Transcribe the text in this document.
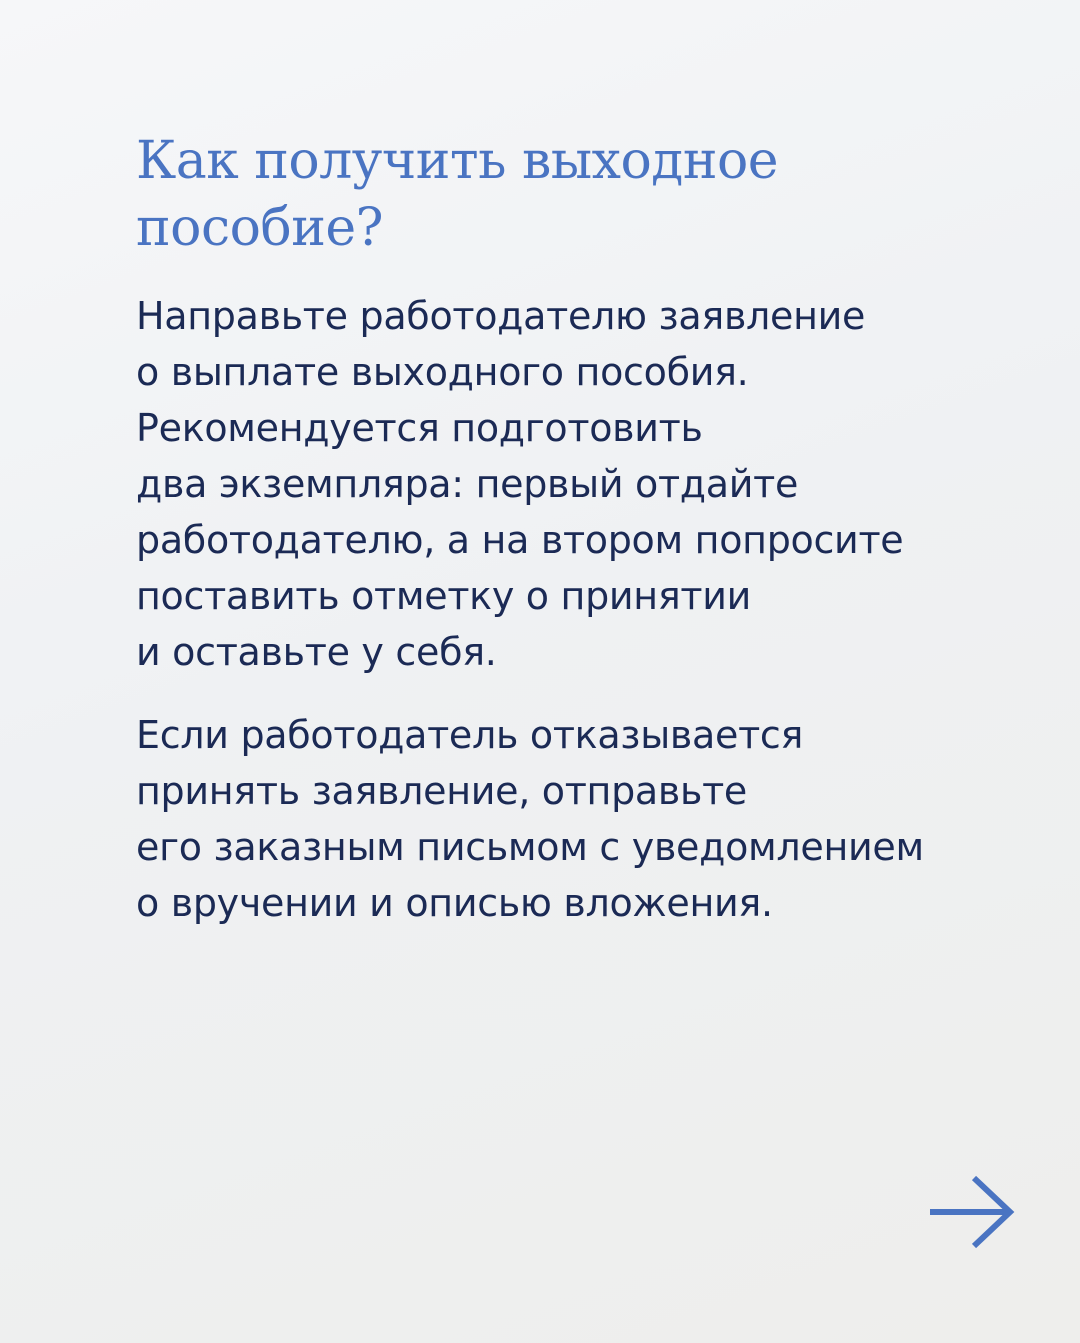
Как получить выходное
пособие?

Направьте работодателю заявление
о выплате выходного пособия.
Рекомендуется подготовить
два экземпляра: первый отдайте
работодателю, а на втором попросите
поставить отметку о принятии
и оставьте у себя.

Если работодатель отказывается
принять заявление, отправьте
его заказным письмом с уведомлением
о вручении и описью вложения.
